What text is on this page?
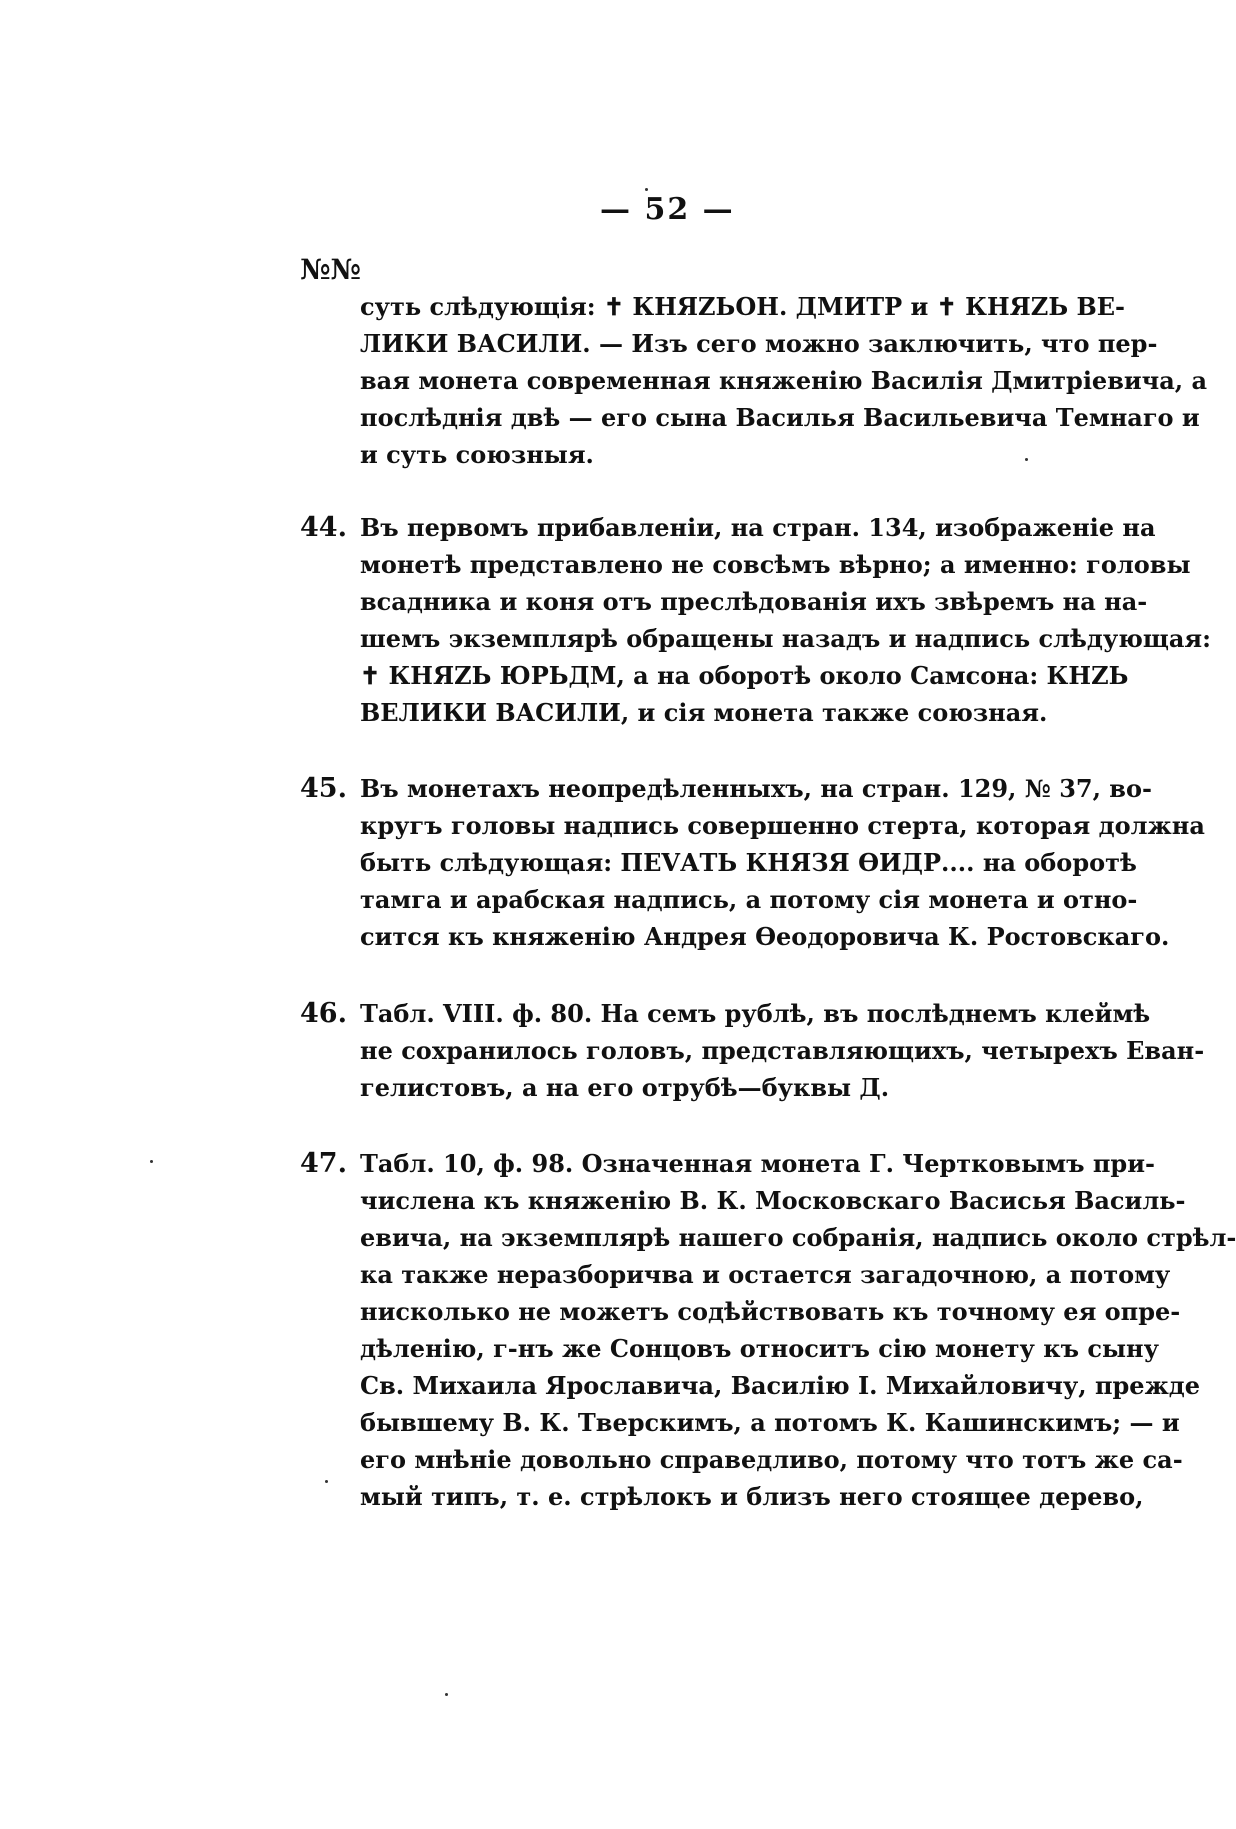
— 52 —
№№
суть слѣдующія: ✝ КНЯZЬОН. ДМИТР и ✝ КНЯZЬ ВЕ-
ЛИКИ ВАСИЛИ. — Изъ сего можно заключить, что пер-
вая монета современная княженію Василія Дмитріевича, а
послѣднія двѣ — его сына Василья Васильевича Темнаго и
и суть союзныя.
44. Въ первомъ прибавленіи, на стран. 134, изображеніе на
монетѣ представлено не совсѣмъ вѣрно; а именно: головы
всадника и коня отъ преслѣдованія ихъ звѣремъ на на-
шемъ экземплярѣ обращены назадъ и надпись слѣдующая:
✝ КНЯZЬ ЮРЬДМ, а на оборотѣ около Самсона: КНZЬ
ВЕЛИКИ ВАСИЛИ, и сія монета также союзная.
45. Въ монетахъ неопредѣленныхъ, на стран. 129, № 37, во-
кругъ головы надпись совершенно стерта, которая должна
быть слѣдующая: ПЕVАТЬ КНЯЗЯ ѲИДР.... на оборотѣ
тамга и арабская надпись, а потому сія монета и отно-
сится къ княженію Андрея Ѳеодоровича К. Ростовскаго.
46. Табл. VIII. ф. 80. На семъ рублѣ, въ послѣднемъ клеймѣ
не сохранилось головъ, представляющихъ, четырехъ Еван-
гелистовъ, а на его отрубѣ—буквы Д.
47. Табл. 10, ф. 98. Означенная монета Г. Чертковымъ при-
числена къ княженію В. К. Московскаго Васисья Василь-
евича, на экземплярѣ нашего собранія, надпись около стрѣл-
ка также неразборичва и остается загадочною, а потому
нисколько не можетъ содѣйствовать къ точному ея опре-
дѣленію, г-нъ же Сонцовъ относитъ сію монету къ сыну
Св. Михаила Ярославича, Василію І. Михайловичу, прежде
бывшему В. К. Тверскимъ, а потомъ К. Кашинскимъ; — и
его мнѣніе довольно справедливо, потому что тотъ же са-
мый типъ, т. е. стрѣлокъ и близъ него стоящее дерево,
